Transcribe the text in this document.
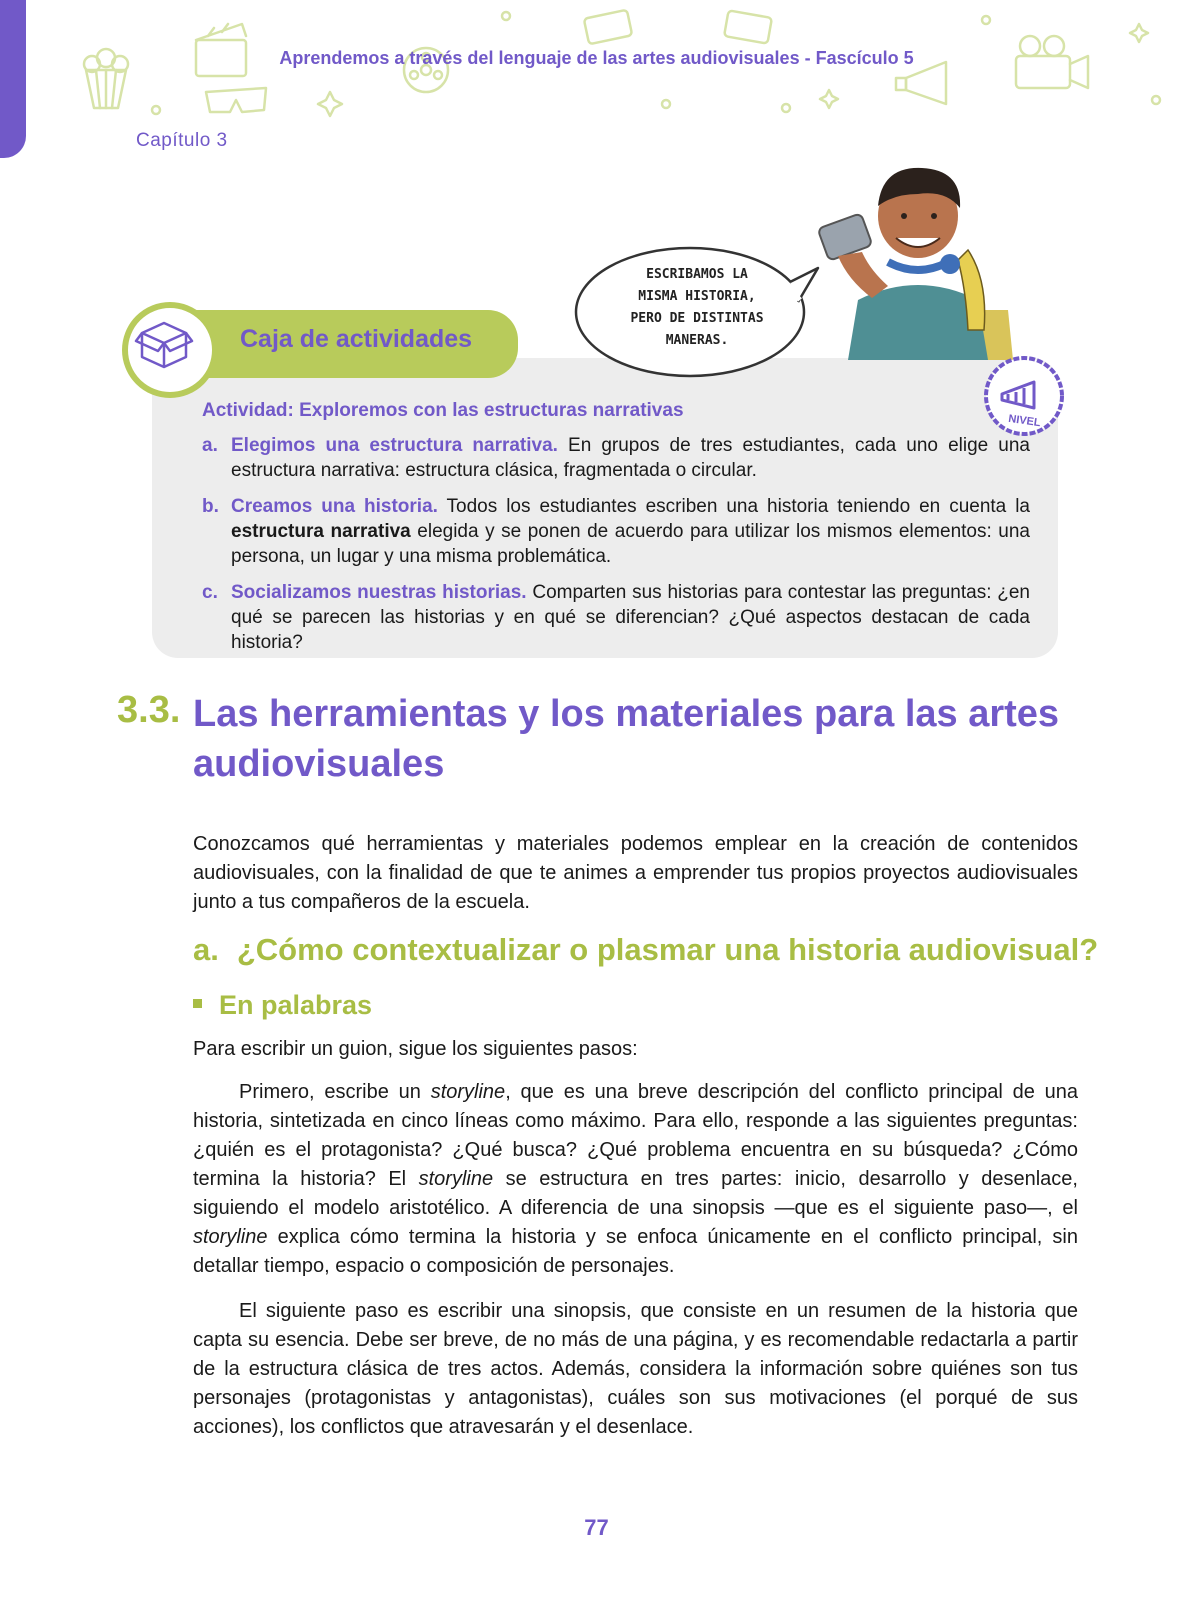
Aprendemos a través del lenguaje de las artes audiovisuales - Fascículo 5
Capítulo 3
Caja de actividades
ESCRIBAMOS LA
MISMA HISTORIA,
PERO DE DISTINTAS
MANERAS.
NIVEL
Actividad: Exploremos con las estructuras narrativas
a. Elegimos una estructura narrativa. En grupos de tres estudiantes, cada uno elige una estructura narrativa: estructura clásica, fragmentada o circular.
b. Creamos una historia. Todos los estudiantes escriben una historia teniendo en cuenta la estructura narrativa elegida y se ponen de acuerdo para utilizar los mismos elementos: una persona, un lugar y una misma problemática.
c. Socializamos nuestras historias. Comparten sus historias para contestar las preguntas: ¿en qué se parecen las historias y en qué se diferencian? ¿Qué aspectos destacan de cada historia?
3.3. Las herramientas y los materiales para las artes audiovisuales

Conozcamos qué herramientas y materiales podemos emplear en la creación de contenidos audiovisuales, con la finalidad de que te animes a emprender tus propios proyectos audiovisuales junto a tus compañeros de la escuela.

a. ¿Cómo contextualizar o plasmar una historia audiovisual?
En palabras

Para escribir un guion, sigue los siguientes pasos:

Primero, escribe un storyline, que es una breve descripción del conflicto principal de una historia, sintetizada en cinco líneas como máximo. Para ello, responde a las siguientes preguntas: ¿quién es el protagonista? ¿Qué busca? ¿Qué problema encuentra en su búsqueda? ¿Cómo termina la historia? El storyline se estructura en tres partes: inicio, desarrollo y desenlace, siguiendo el modelo aristotélico. A diferencia de una sinopsis —que es el siguiente paso—, el storyline explica cómo termina la historia y se enfoca únicamente en el conflicto principal, sin detallar tiempo, espacio o composición de personajes.

El siguiente paso es escribir una sinopsis, que consiste en un resumen de la historia que capta su esencia. Debe ser breve, de no más de una página, y es recomendable redactarla a partir de la estructura clásica de tres actos. Además, considera la información sobre quiénes son tus personajes (protagonistas y antagonistas), cuáles son sus motivaciones (el porqué de sus acciones), los conflictos que atravesarán y el desenlace.

77
